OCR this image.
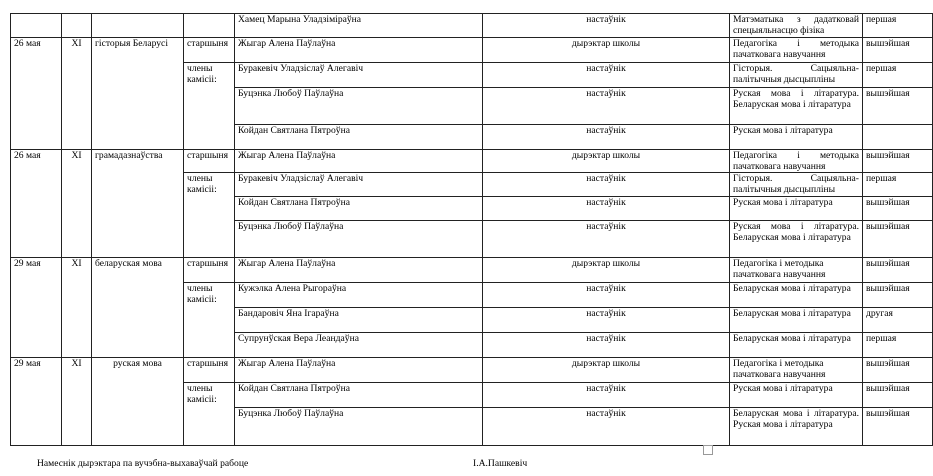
				Хамец Марына Уладзіміраўна	настаўнік	Матэматыка з дадатковай спецыяльнасцю фізіка	першая
26 мая	XI	гісторыя Беларусі	старшыня	Жыгар Алена Паўлаўна	дырэктар школы	Педагогіка і методыка пачатковага навучання	вышэйшая
			члены камісіі:	Буракевіч Уладзіслаў Алегавіч	настаўнік	Гісторыя. Сацыяльна-палітычныя дысцыпліны	першая
				Буцэнка Любоў Паўлаўна	настаўнік	Руская мова і літаратура. Беларуская мова і літаратура	вышэйшая
				Койдан Святлана Пятроўна	настаўнік	Руская мова і літаратура	
26 мая	XI	грамадазнаўства	старшыня	Жыгар Алена Паўлаўна	дырэктар школы	Педагогіка і методыка пачатковага навучання	вышэйшая
			члены камісіі:	Буракевіч Уладзіслаў Алегавіч	настаўнік	Гісторыя. Сацыяльна-палітычныя дысцыпліны	першая
				Койдан Святлана Пятроўна	настаўнік	Руская мова і літаратура	вышэйшая
				Буцэнка Любоў Паўлаўна	настаўнік	Руская мова і літаратура. Беларуская мова і літаратура	вышэйшая
29 мая	XI	беларуская мова	старшыня	Жыгар Алена Паўлаўна	дырэктар школы	Педагогіка і методыка пачатковага навучання	вышэйшая
			члены камісіі:	Кужэлка Алена Рыгораўна	настаўнік	Беларуская мова і літаратура	вышэйшая
				Бандаровіч Яна Ігараўна	настаўнік	Беларуская мова і літаратура	другая
				Супрунўская Вера Леандаўна	настаўнік	Беларуская мова і літаратура	першая
29 мая	XI	руская мова	старшыня	Жыгар Алена Паўлаўна	дырэктар школы	Педагогіка і методыка пачатковага навучання	вышэйшая
			члены камісіі:	Койдан Святлана Пятроўна	настаўнік	Руская мова і літаратура	вышэйшая
				Буцэнка Любоў Паўлаўна	настаўнік	Беларуская мова і літаратура. Руская мова і літаратура	вышэйшая
Намеснік дырэктара па вучэбна-выхаваўчай рабоце	І.А.Пашкевіч
